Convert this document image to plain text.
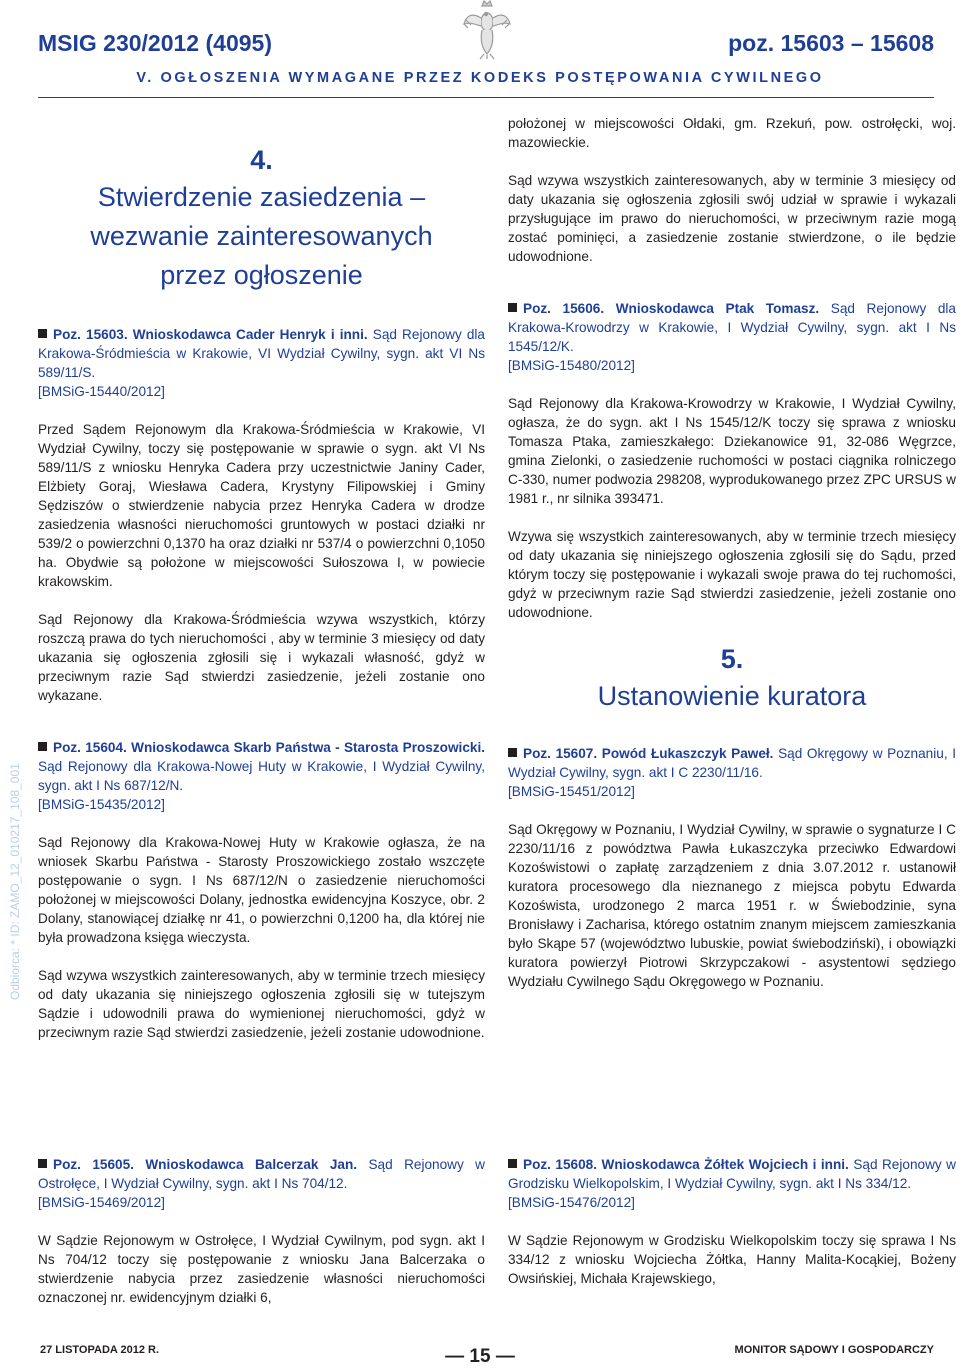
MSIG 230/2012 (4095)	poz. 15603 – 15608
V. OGŁOSZENIA WYMAGANE PRZEZ KODEKS POSTĘPOWANIA CYWILNEGO
Odbiorca: * ID: ZAMO_12_010217_108_001
4.
Stwierdzenie zasiedzenia –
wezwanie zainteresowanych
przez ogłoszenie

Poz. 15603. Wnioskodawca Cader Henryk i inni. Sąd Rejonowy dla Krakowa-Śródmieścia w Krakowie, VI Wydział Cywilny, sygn. akt VI Ns 589/11/S.

[BMSiG-15440/2012]

Przed Sądem Rejonowym dla Krakowa-Śródmieścia w Krakowie, VI Wydział Cywilny, toczy się postępowanie w sprawie o sygn. akt VI Ns 589/11/S z wniosku Henryka Cadera przy uczestnictwie Janiny Cader, Elżbiety Goraj, Wiesława Cadera, Krystyny Filipowskiej i Gminy Sędziszów o stwierdzenie nabycia przez Henryka Cadera w drodze zasiedzenia własności nieruchomości gruntowych w postaci działki nr 539/2 o powierzchni 0,1370 ha oraz działki nr 537/4 o powierzchni 0,1050 ha. Obydwie są położone w miejscowości Sułoszowa I, w powiecie krakowskim.

Sąd Rejonowy dla Krakowa-Śródmieścia wzywa wszystkich, którzy roszczą prawa do tych nieruchomości , aby w terminie 3 miesięcy od daty ukazania się ogłoszenia zgłosili się i wykazali własność, gdyż w przeciwnym razie Sąd stwierdzi zasiedzenie, jeżeli zostanie ono wykazane.

Poz. 15604. Wnioskodawca Skarb Państwa - Starosta Proszowicki. Sąd Rejonowy dla Krakowa-Nowej Huty w Krakowie, I Wydział Cywilny, sygn. akt I Ns 687/12/N.

[BMSiG-15435/2012]

Sąd Rejonowy dla Krakowa-Nowej Huty w Krakowie ogłasza, że na wniosek Skarbu Państwa - Starosty Proszowickiego zostało wszczęte postępowanie o sygn. I Ns 687/12/N o zasiedzenie nieruchomości położonej w miejscowości Dolany, jednostka ewidencyjna Koszyce, obr. 2 Dolany, stanowiącej działkę nr 41, o powierzchni 0,1200 ha, dla której nie była prowadzona księga wieczysta.

Sąd wzywa wszystkich zainteresowanych, aby w terminie trzech miesięcy od daty ukazania się niniejszego ogłoszenia zgłosili się w tutejszym Sądzie i udowodnili prawa do wymienionej nieruchomości, gdyż w przeciwnym razie Sąd stwierdzi zasiedzenie, jeżeli zostanie udowodnione.

Poz. 15605. Wnioskodawca Balcerzak Jan. Sąd Rejonowy w Ostrołęce, I Wydział Cywilny, sygn. akt I Ns 704/12.

[BMSiG-15469/2012]

W Sądzie Rejonowym w Ostrołęce, I Wydział Cywilnym, pod sygn. akt I Ns 704/12 toczy się postępowanie z wniosku Jana Balcerzaka o stwierdzenie nabycia przez zasiedzenie własności nieruchomości oznaczonej nr. ewidencyjnym działki 6,

położonej w miejscowości Ołdaki, gm. Rzekuń, pow. ostrołęcki, woj. mazowieckie.

Sąd wzywa wszystkich zainteresowanych, aby w terminie 3 miesięcy od daty ukazania się ogłoszenia zgłosili swój udział w sprawie i wykazali przysługujące im prawo do nieruchomości, w przeciwnym razie mogą zostać pominięci, a zasiedzenie zostanie stwierdzone, o ile będzie udowodnione.

Poz. 15606. Wnioskodawca Ptak Tomasz. Sąd Rejonowy dla Krakowa-Krowodrzy w Krakowie, I Wydział Cywilny, sygn. akt I Ns 1545/12/K.

[BMSiG-15480/2012]

Sąd Rejonowy dla Krakowa-Krowodrzy w Krakowie, I Wydział Cywilny, ogłasza, że do sygn. akt I Ns 1545/12/K toczy się sprawa z wniosku Tomasza Ptaka, zamieszkałego: Dziekanowice 91, 32-086 Węgrzce, gmina Zielonki, o zasiedzenie ruchomości w postaci ciągnika rolniczego C-330, numer podwozia 298208, wyprodukowanego przez ZPC URSUS w 1981 r., nr silnika 393471.

Wzywa się wszystkich zainteresowanych, aby w terminie trzech miesięcy od daty ukazania się niniejszego ogłoszenia zgłosili się do Sądu, przed którym toczy się postępowanie i wykazali swoje prawa do tej ruchomości, gdyż w przeciwnym razie Sąd stwierdzi zasiedzenie, jeżeli zostanie ono udowodnione.

5.
Ustanowienie kuratora

Poz. 15607. Powód Łukaszczyk Paweł. Sąd Okręgowy w Poznaniu, I Wydział Cywilny, sygn. akt I C 2230/11/16.

[BMSiG-15451/2012]

Sąd Okręgowy w Poznaniu, I Wydział Cywilny, w sprawie o sygnaturze I C 2230/11/16 z powództwa Pawła Łukaszczyka przeciwko Edwardowi Kozoświstowi o zapłatę zarządzeniem z dnia 3.07.2012 r. ustanowił kuratora procesowego dla nieznanego z miejsca pobytu Edwarda Kozośwista, urodzonego 2 marca 1951 r. w Świebodzinie, syna Bronisławy i Zacharisa, którego ostatnim znanym miejscem zamieszkania było Skąpe 57 (województwo lubuskie, powiat świebodziński), i obowiązki kuratora powierzył Piotrowi Skrzypczakowi - asystentowi sędziego Wydziału Cywilnego Sądu Okręgowego w Poznaniu.

Poz. 15608. Wnioskodawca Żółtek Wojciech i inni. Sąd Rejonowy w Grodzisku Wielkopolskim, I Wydział Cywilny, sygn. akt I Ns 334/12.

[BMSiG-15476/2012]

W Sądzie Rejonowym w Grodzisku Wielkopolskim toczy się sprawa I Ns 334/12 z wniosku Wojciecha Żółtka, Hanny Malita-Kocąkiej, Bożeny Owsińskiej, Michała Krajewskiego,

27 LISTOPADA 2012 R.	— 15 —	MONITOR SĄDOWY I GOSPODARCZY
